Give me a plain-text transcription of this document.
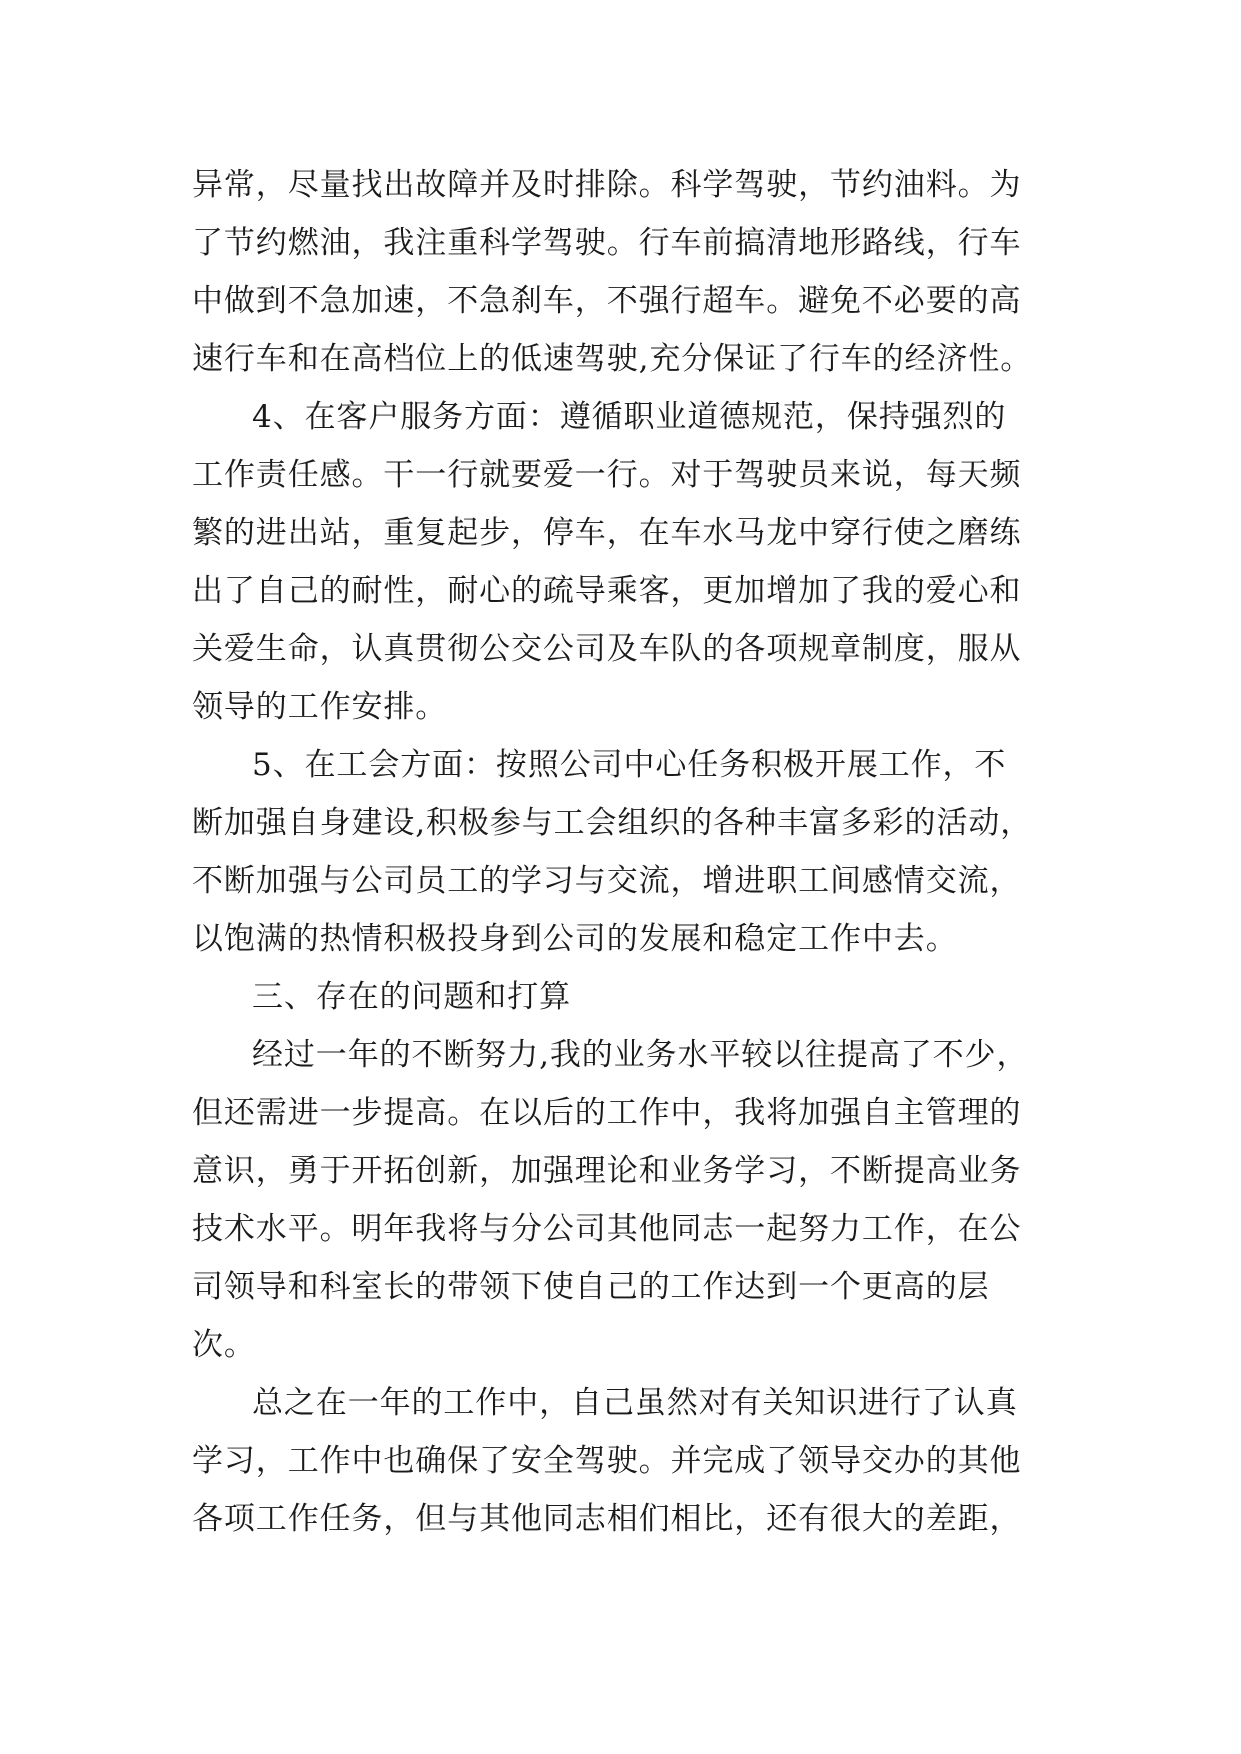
异常，尽量找出故障并及时排除。科学驾驶，节约油料。为
了节约燃油，我注重科学驾驶。行车前搞清地形路线，行车
中做到不急加速，不急刹车，不强行超车。避免不必要的高
速行车和在高档位上的低速驾驶,充分保证了行车的经济性。
4、在客户服务方面：遵循职业道德规范，保持强烈的
工作责任感。干一行就要爱一行。对于驾驶员来说，每天频
繁的进出站，重复起步，停车，在车水马龙中穿行使之磨练
出了自己的耐性，耐心的疏导乘客，更加增加了我的爱心和
关爱生命，认真贯彻公交公司及车队的各项规章制度，服从
领导的工作安排。
5、在工会方面：按照公司中心任务积极开展工作，不
断加强自身建设,积极参与工会组织的各种丰富多彩的活动，
不断加强与公司员工的学习与交流，增进职工间感情交流，
以饱满的热情积极投身到公司的发展和稳定工作中去。
三、存在的问题和打算
经过一年的不断努力,我的业务水平较以往提高了不少，
但还需进一步提高。在以后的工作中，我将加强自主管理的
意识，勇于开拓创新，加强理论和业务学习，不断提高业务
技术水平。明年我将与分公司其他同志一起努力工作，在公
司领导和科室长的带领下使自己的工作达到一个更高的层
次。
总之在一年的工作中，自己虽然对有关知识进行了认真
学习，工作中也确保了安全驾驶。并完成了领导交办的其他
各项工作任务，但与其他同志相们相比，还有很大的差距，
